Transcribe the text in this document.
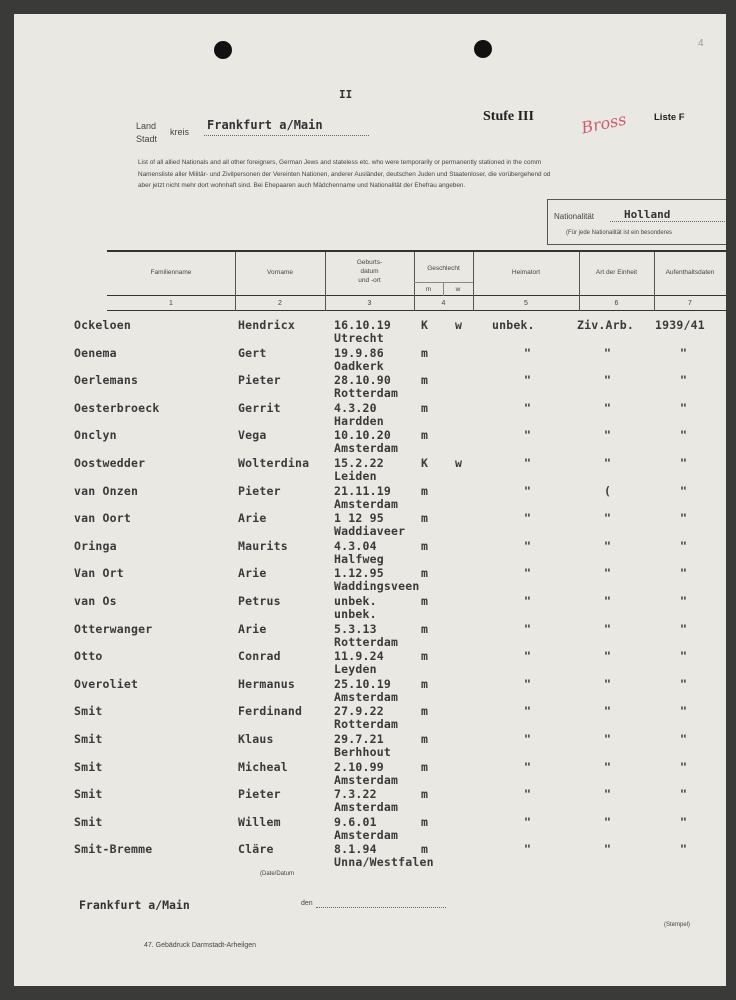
4
II
Land
Stadt
kreis Frankfurt a/Main
Stufe III	Bross	Liste F
List of all allied Nationals and all other foreigners, German Jews and stateless etc. who were temporarily or permanently stationed in the comm
Namensliste aller Militär- und Zivilpersonen der Vereinten Nationen, anderer Ausländer, deutschen Juden und Staatenloser, die vorübergehend od
aber jetzt nicht mehr dort wohnhaft sind. Bei Ehepaaren auch Mädchenname und Nationalität der Ehefrau angeben.
Nationalität	Holland
(Für jede Nationalität ist ein besonderes
Familienname	Vorname
Geburts-
datum
und -ort
Geschlecht
m	w
Heimatort	Art der Einheit	Aufenthaltsdaten
1	2	3	4	5	6	7
Ockeloen	Hendricx	16.10.19	K w	unbek.	Ziv.Arb. 1939/41
Utrecht
Oenema	Gert	19.9.86	m	"	"	"
Oadkerk
Oerlemans	Pieter	28.10.90	m	"	"	"
Rotterdam
Oesterbroeck	Gerrit	4.3.20	m	"	"	"
Hardden
Onclyn	Vega	10.10.20	m	"	"	"
Amsterdam
Oostwedder	Wolterdina 15.2.22	K w	"	"	"
Leiden
van Onzen	Pieter	21.11.19	m	"	(	"
Amsterdam
van Oort	Arie	1 12 95	m	"	"	"
Waddiaveer
Oringa	Maurits	4.3.04	m	"	"	"
Halfweg
Van Ort	Arie	1.12.95	m	"	"	"
Waddingsveen
van Os	Petrus	unbek.	m	"	"	"
unbek.
Otterwanger	Arie	5.3.13	m	"	"	"
Rotterdam
Otto	Conrad	11.9.24	m	"	"	"
Leyden
Overoliet	Hermanus	25.10.19	m	"	"	"
Amsterdam
Smit	Ferdinand	27.9.22	m	"	"	"
Rotterdam
Smit	Klaus	29.7.21	m	"	"	"
Berhhout
Smit	Micheal	2.10.99	m	"	"	"
Amsterdam
Smit	Pieter	7.3.22	m	"	"	"
Amsterdam
Smit	Willem	9.6.01	m	"	"	"
Amsterdam
Smit-Bremme	Cläre	8.1.94	m	"	"	"
Unna/Westfalen
(Date/Datum
Frankfurt a/Main	den
(Stempel)
47. Gebädruck Darmstadt-Arheilgen
